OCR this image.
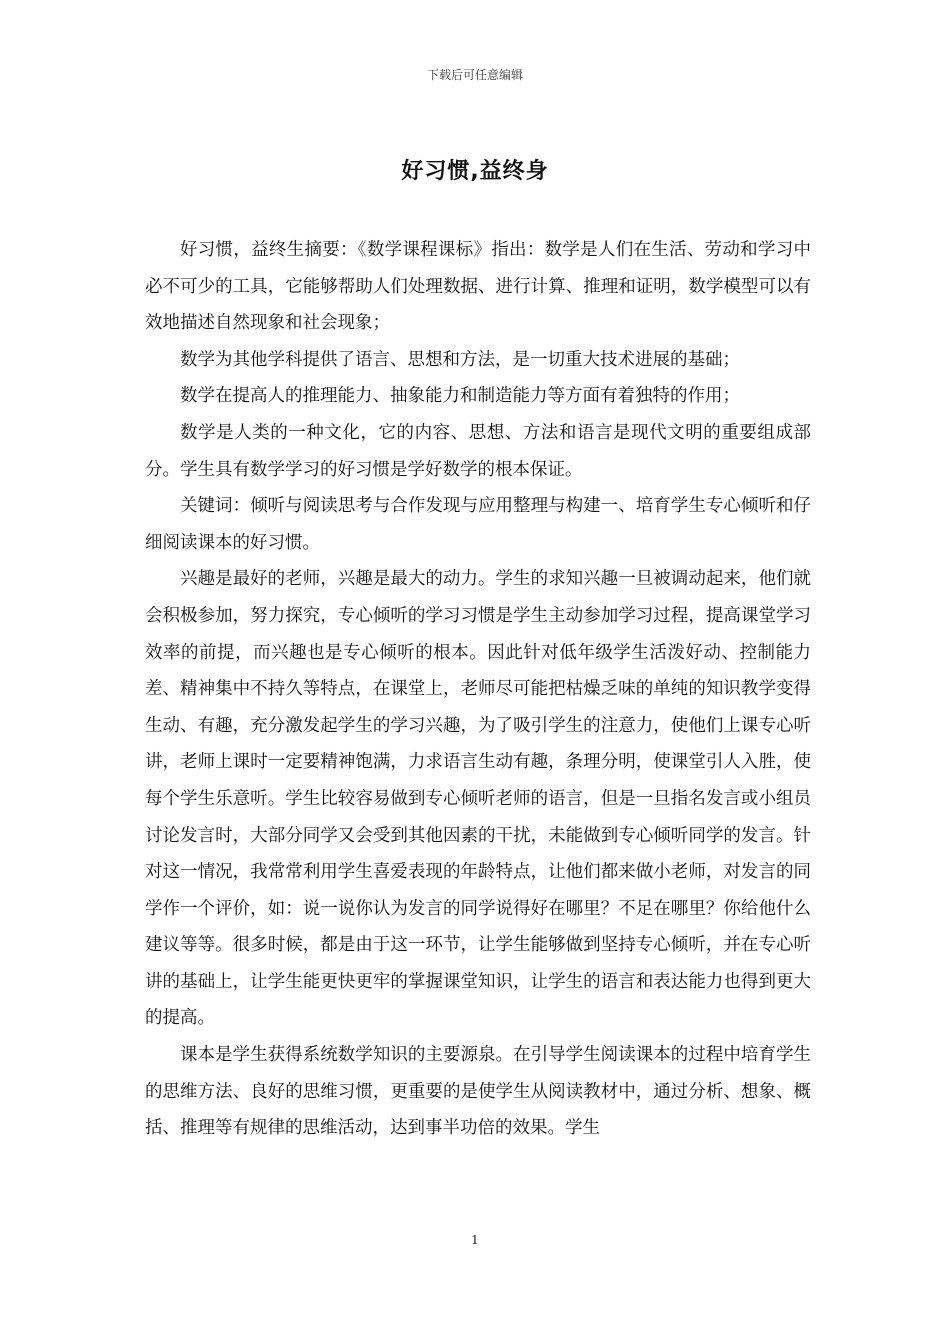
下载后可任意编辑
好习惯,益终身

好习惯，益终生摘要：《数学课程课标》指出：数学是人们在生活、劳动和学习中必不可少的工具，它能够帮助人们处理数据、进行计算、推理和证明，数学模型可以有效地描述自然现象和社会现象；

数学为其他学科提供了语言、思想和方法，是一切重大技术进展的基础；

数学在提高人的推理能力、抽象能力和制造能力等方面有着独特的作用；

数学是人类的一种文化，它的内容、思想、方法和语言是现代文明的重要组成部分。学生具有数学学习的好习惯是学好数学的根本保证。

关键词：倾听与阅读思考与合作发现与应用整理与构建一、培育学生专心倾听和仔细阅读课本的好习惯。

兴趣是最好的老师，兴趣是最大的动力。学生的求知兴趣一旦被调动起来，他们就会积极参加，努力探究，专心倾听的学习习惯是学生主动参加学习过程，提高课堂学习效率的前提，而兴趣也是专心倾听的根本。因此针对低年级学生活泼好动、控制能力差、精神集中不持久等特点，在课堂上，老师尽可能把枯燥乏味的单纯的知识教学变得生动、有趣，充分激发起学生的学习兴趣，为了吸引学生的注意力，使他们上课专心听讲，老师上课时一定要精神饱满，力求语言生动有趣，条理分明，使课堂引人入胜，使每个学生乐意听。学生比较容易做到专心倾听老师的语言，但是一旦指名发言或小组员讨论发言时，大部分同学又会受到其他因素的干扰，未能做到专心倾听同学的发言。针对这一情况，我常常利用学生喜爱表现的年龄特点，让他们都来做小老师，对发言的同学作一个评价，如：说一说你认为发言的同学说得好在哪里？不足在哪里？你给他什么建议等等。很多时候，都是由于这一环节，让学生能够做到坚持专心倾听，并在专心听讲的基础上，让学生能更快更牢的掌握课堂知识，让学生的语言和表达能力也得到更大的提高。

课本是学生获得系统数学知识的主要源泉。在引导学生阅读课本的过程中培育学生的思维方法、良好的思维习惯，更重要的是使学生从阅读教材中，通过分析、想象、概括、推理等有规律的思维活动，达到事半功倍的效果。学生

1
